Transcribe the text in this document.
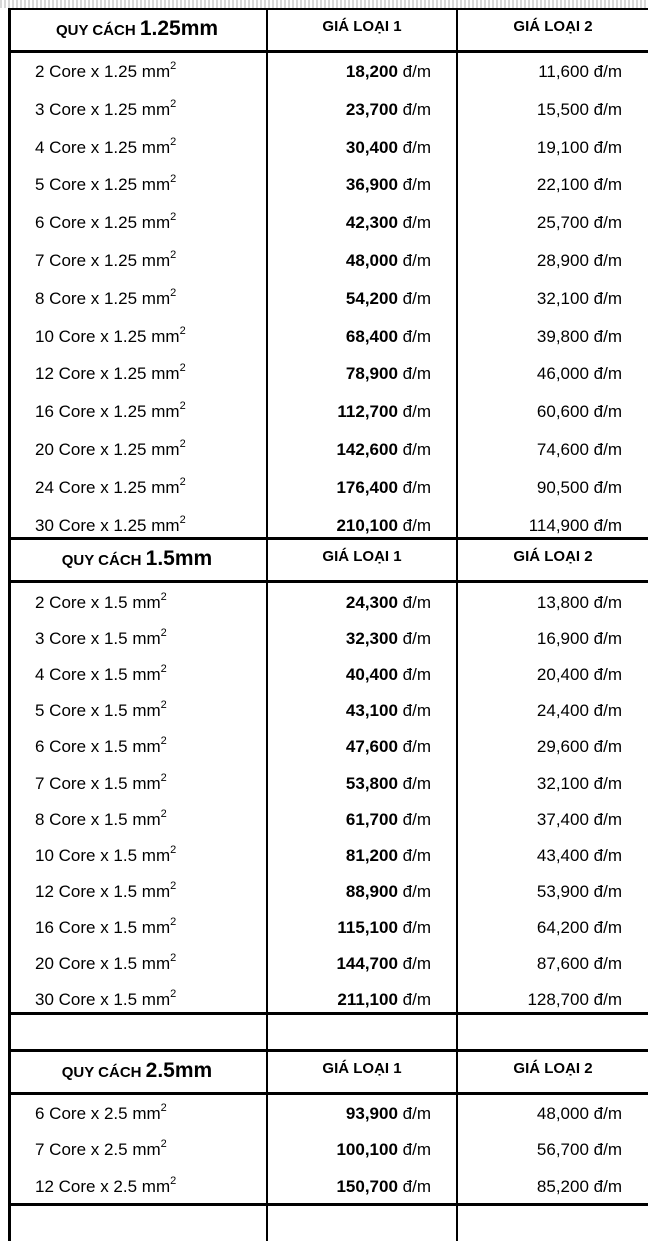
QUY CÁCH 1.25mm	GIÁ LOẠI 1	GIÁ LOẠI 2
2 Core x 1.25 $mm^2$	18,200 đ/m	11,600 đ/m
3 Core x 1.25 $mm^2$	23,700 đ/m	15,500 đ/m
4 Core x 1.25 $mm^2$	30,400 đ/m	19,100 đ/m
5 Core x 1.25 $mm^2$	36,900 đ/m	22,100 đ/m
6 Core x 1.25 $mm^2$	42,300 đ/m	25,700 đ/m
7 Core x 1.25 $mm^2$	48,000 đ/m	28,900 đ/m
8 Core x 1.25 $mm^2$	54,200 đ/m	32,100 đ/m
10 Core x 1.25 $mm^2$	68,400 đ/m	39,800 đ/m
12 Core x 1.25 $mm^2$	78,900 đ/m	46,000 đ/m
16 Core x 1.25 $mm^2$	112,700 đ/m	60,600 đ/m
20 Core x 1.25 $mm^2$	142,600 đ/m	74,600 đ/m
24 Core x 1.25 $mm^2$	176,400 đ/m	90,500 đ/m
30 Core x 1.25 $mm^2$	210,100 đ/m	114,900 đ/m
QUY CÁCH 1.5mm	GIÁ LOẠI 1	GIÁ LOẠI 2
2 Core x 1.5 $mm^2$	24,300 đ/m	13,800 đ/m
3 Core x 1.5 $mm^2$	32,300 đ/m	16,900 đ/m
4 Core x 1.5 $mm^2$	40,400 đ/m	20,400 đ/m
5 Core x 1.5 $mm^2$	43,100 đ/m	24,400 đ/m
6 Core x 1.5 $mm^2$	47,600 đ/m	29,600 đ/m
7 Core x 1.5 $mm^2$	53,800 đ/m	32,100 đ/m
8 Core x 1.5 $mm^2$	61,700 đ/m	37,400 đ/m
10 Core x 1.5 $mm^2$	81,200 đ/m	43,400 đ/m
12 Core x 1.5 $mm^2$	88,900 đ/m	53,900 đ/m
16 Core x 1.5 $mm^2$	115,100 đ/m	64,200 đ/m
20 Core x 1.5 $mm^2$	144,700 đ/m	87,600 đ/m
30 Core x 1.5 $mm^2$	211,100 đ/m	128,700 đ/m
QUY CÁCH 2.5mm	GIÁ LOẠI 1	GIÁ LOẠI 2
6 Core x 2.5 $mm^2$	93,900 đ/m	48,000 đ/m
7 Core x 2.5 $mm^2$	100,100 đ/m	56,700 đ/m
12 Core x 2.5 $mm^2$	150,700 đ/m	85,200 đ/m
